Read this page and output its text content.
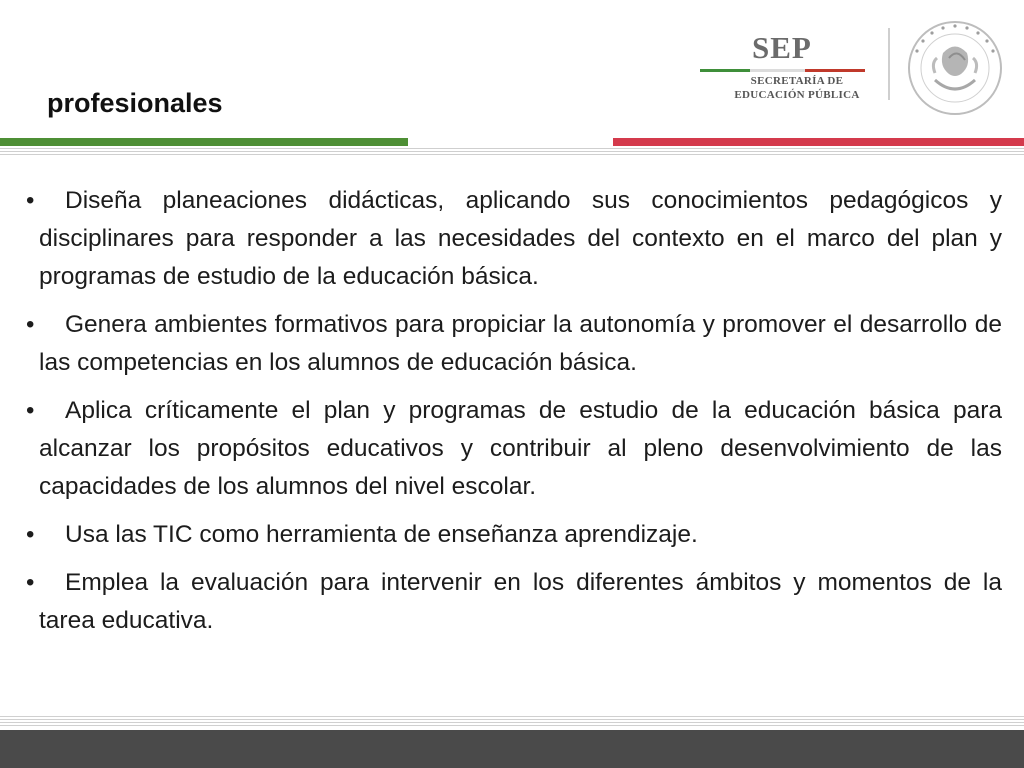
profesionales
SEP
SECRETARÍA DE
EDUCACIÓN PÚBLICA
• Diseña planeaciones didácticas, aplicando sus conocimientos pedagógicos y disciplinares para responder a las necesidades del contexto en el marco del plan y programas de estudio de la educación básica.
• Genera ambientes formativos para propiciar la autonomía y promover el desarrollo de las competencias en los alumnos de educación básica.
• Aplica críticamente el plan y programas de estudio de la educación básica para alcanzar los propósitos educativos y contribuir al pleno desenvolvimiento de las capacidades de los alumnos del nivel escolar.
• Usa las TIC como herramienta de enseñanza aprendizaje.
• Emplea la evaluación para intervenir en los diferentes ámbitos y momentos de la tarea educativa.
